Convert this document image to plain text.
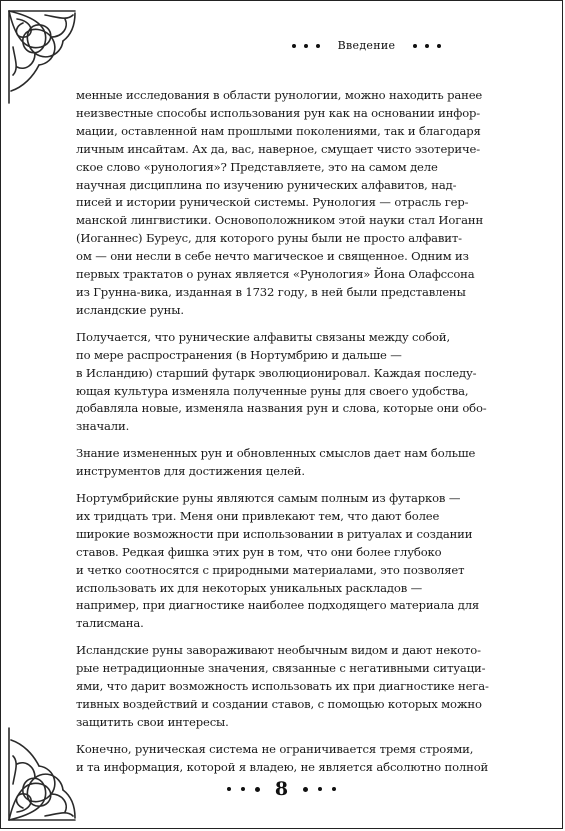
Введение
менные исследования в области рунологии, можно находить ранее
неизвестные способы использования рун как на основании инфор-
мации, оставленной нам прошлыми поколениями, так и благодаря
личным инсайтам. Ах да, вас, наверное, смущает чисто эзотериче-
ское слово «рунология»? Представляете, это на самом деле
научная дисциплина по изучению рунических алфавитов, над-
писей и истории рунической системы. Рунология — отрасль гер-
манской лингвистики. Основоположником этой науки стал Иоганн
(Иоганнес) Буреус, для которого руны были не просто алфавит-
ом — они несли в себе нечто магическое и священное. Одним из
первых трактатов о рунах является «Рунология» Йона Олафссона
из Грунна-вика, изданная в 1732 году, в ней были представлены
исландские руны.
Получается, что рунические алфавиты связаны между собой,
по мере распространения (в Нортумбрию и дальше —
в Исландию) старший футарк эволюционировал. Каждая последу-
ющая культура изменяла полученные руны для своего удобства,
добавляла новые, изменяла названия рун и слова, которые они обо-
значали.
Знание измененных рун и обновленных смыслов дает нам больше
инструментов для достижения целей.
Нортумбрийские руны являются самым полным из футарков —
их тридцать три. Меня они привлекают тем, что дают более
широкие возможности при использовании в ритуалах и создании
ставов. Редкая фишка этих рун в том, что они более глубоко
и четко соотносятся с природными материалами, это позволяет
использовать их для некоторых уникальных раскладов —
например, при диагностике наиболее подходящего материала для
талисмана.
Исландские руны завораживают необычным видом и дают некото-
рые нетрадиционные значения, связанные с негативными ситуаци-
ями, что дарит возможность использовать их при диагностике нега-
тивных воздействий и создании ставов, с помощью которых можно
защитить свои интересы.
Конечно, руническая система не ограничивается тремя строями,
и та информация, которой я владею, не является абсолютно полной
8
